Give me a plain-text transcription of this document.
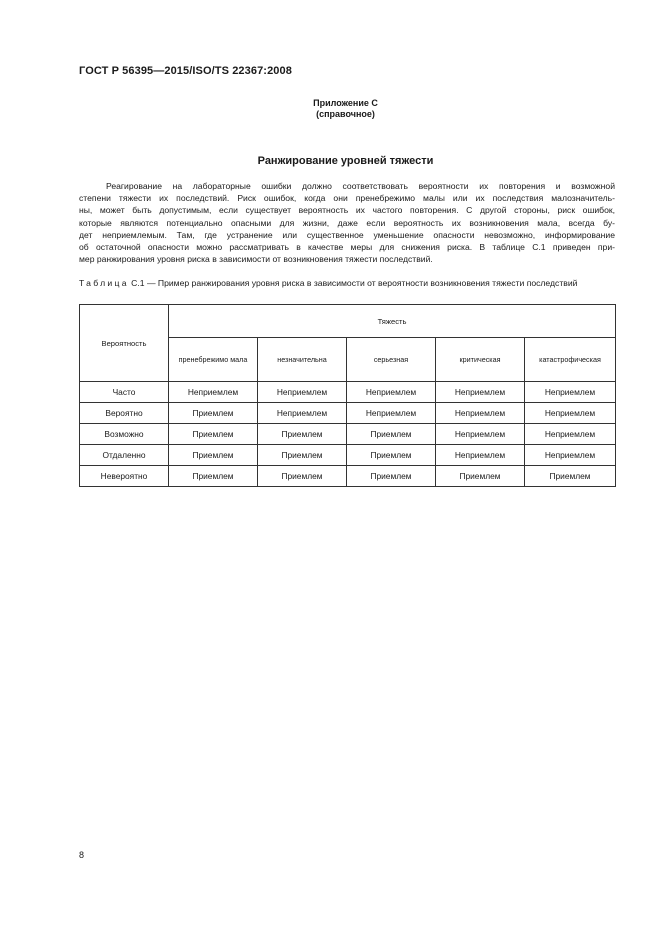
ГОСТ Р 56395—2015/ISO/TS 22367:2008
Приложение С
(справочное)
Ранжирование уровней тяжести
Реагирование на лабораторные ошибки должно соответствовать вероятности их повторения и возможной
степени тяжести их последствий. Риск ошибок, когда они пренебрежимо малы или их последствия малозначитель-
ны, может быть допустимым, если существует вероятность их частого повторения. С другой стороны, риск ошибок,
которые являются потенциально опасными для жизни, даже если вероятность их возникновения мала, всегда бу-
дет неприемлемым. Там, где устранение или существенное уменьшение опасности невозможно, информирование
об остаточной опасности можно рассматривать в качестве меры для снижения риска. В таблице С.1 приведен при-
мер ранжирования уровня риска в зависимости от возникновения тяжести последствий.
Таблица С.1 — Пример ранжирования уровня риска в зависимости от вероятности возникновения тяжести последствий
Вероятность	Тяжесть				
	пренебрежимо мала	незначительна	серьезная	критическая	катастрофическая
Часто	Неприемлем	Неприемлем	Неприемлем	Неприемлем	Неприемлем
Вероятно	Приемлем	Неприемлем	Неприемлем	Неприемлем	Неприемлем
Возможно	Приемлем	Приемлем	Приемлем	Неприемлем	Неприемлем
Отдаленно	Приемлем	Приемлем	Приемлем	Неприемлем	Неприемлем
Невероятно	Приемлем	Приемлем	Приемлем	Приемлем	Приемлем
8
